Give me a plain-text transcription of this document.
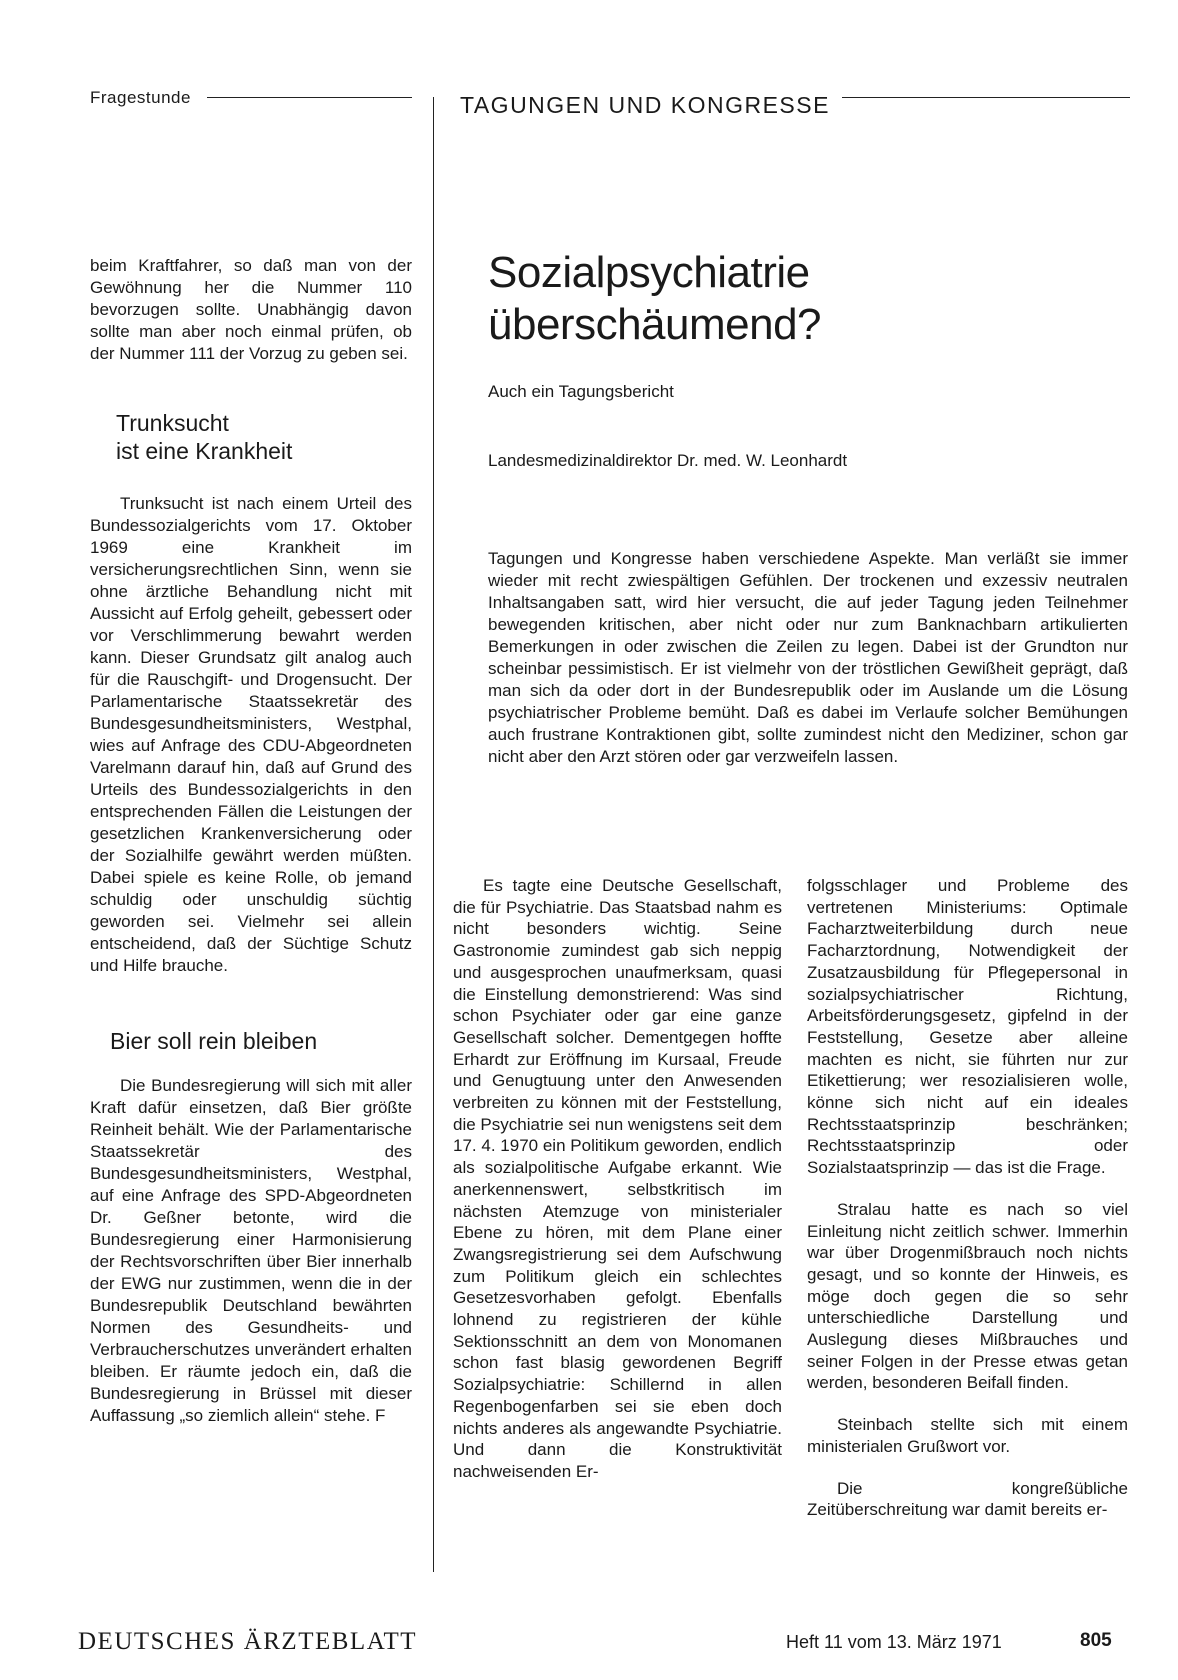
Fragestunde	TAGUNGEN UND KONGRESSE

beim Kraftfahrer, so daß man von der Gewöhnung her die Nummer 110 bevorzugen sollte. Unabhängig davon sollte man aber noch einmal prüfen, ob der Nummer 111 der Vorzug zu geben sei.

Trunksucht

ist eine Krankheit

Trunksucht ist nach einem Urteil des Bundessozialgerichts vom 17. Oktober 1969 eine Krankheit im versicherungsrechtlichen Sinn, wenn sie ohne ärztliche Behandlung nicht mit Aussicht auf Erfolg geheilt, gebessert oder vor Verschlimmerung bewahrt werden kann. Dieser Grundsatz gilt analog auch für die Rauschgift- und Drogensucht. Der Parlamentarische Staatssekretär des Bundesgesundheitsministers, Westphal, wies auf Anfrage des CDU-Abgeordneten Varelmann darauf hin, daß auf Grund des Urteils des Bundessozialgerichts in den entsprechenden Fällen die Leistungen der gesetzlichen Krankenversicherung oder der Sozialhilfe gewährt werden müßten. Dabei spiele es keine Rolle, ob jemand schuldig oder unschuldig süchtig geworden sei. Vielmehr sei allein entscheidend, daß der Süchtige Schutz und Hilfe brauche.

Bier soll rein bleiben

Die Bundesregierung will sich mit aller Kraft dafür einsetzen, daß Bier größte Reinheit behält. Wie der Parlamentarische Staatssekretär des Bundesgesundheitsministers, Westphal, auf eine Anfrage des SPD-Abgeordneten Dr. Geßner betonte, wird die Bundesregierung einer Harmonisierung der Rechtsvorschriften über Bier innerhalb der EWG nur zustimmen, wenn die in der Bundesrepublik Deutschland bewährten Normen des Gesundheits- und Verbraucherschutzes unverändert erhalten bleiben. Er räumte jedoch ein, daß die Bundesregierung in Brüssel mit dieser Auffassung „so ziemlich allein“ stehe. F

Sozialpsychiatrie
überschäumend?
Auch ein Tagungsbericht
Landesmedizinaldirektor Dr. med. W. Leonhardt

Tagungen und Kongresse haben verschiedene Aspekte. Man verläßt sie immer wieder mit recht zwiespältigen Gefühlen. Der trockenen und exzessiv neutralen Inhaltsangaben satt, wird hier versucht, die auf jeder Tagung jeden Teilnehmer bewegenden kritischen, aber nicht oder nur zum Banknachbarn artikulierten Bemerkungen in oder zwischen die Zeilen zu legen. Dabei ist der Grundton nur scheinbar pessimistisch. Er ist vielmehr von der tröstlichen Gewißheit geprägt, daß man sich da oder dort in der Bundesrepublik oder im Auslande um die Lösung psychiatrischer Probleme bemüht. Daß es dabei im Verlaufe solcher Bemühungen auch frustrane Kontraktionen gibt, sollte zumindest nicht den Mediziner, schon gar nicht aber den Arzt stören oder gar verzweifeln lassen.

Es tagte eine Deutsche Gesellschaft, die für Psychiatrie. Das Staatsbad nahm es nicht besonders wichtig. Seine Gastronomie zumindest gab sich neppig und ausgesprochen unaufmerksam, quasi die Einstellung demonstrierend: Was sind schon Psychiater oder gar eine ganze Gesellschaft solcher. Dementgegen hoffte Erhardt zur Eröffnung im Kursaal, Freude und Genugtuung unter den Anwesenden verbreiten zu können mit der Feststellung, die Psychiatrie sei nun wenigstens seit dem 17. 4. 1970 ein Politikum geworden, endlich als sozialpolitische Aufgabe erkannt. Wie anerkennenswert, selbstkritisch im nächsten Atemzuge von ministerialer Ebene zu hören, mit dem Plane einer Zwangsregistrierung sei dem Aufschwung zum Politikum gleich ein schlechtes Gesetzesvorhaben gefolgt. Ebenfalls lohnend zu registrieren der kühle Sektionsschnitt an dem von Monomanen schon fast blasig gewordenen Begriff Sozialpsychiatrie: Schillernd in allen Regenbogenfarben sei sie eben doch nichts anderes als angewandte Psychiatrie. Und dann die Konstruktivität nachweisenden Er-

folgsschlager und Probleme des vertretenen Ministeriums: Optimale Facharztweiterbildung durch neue Facharztordnung, Notwendigkeit der Zusatzausbildung für Pflegepersonal in sozialpsychiatrischer Richtung, Arbeitsförderungsgesetz, gipfelnd in der Feststellung, Gesetze aber alleine machten es nicht, sie führten nur zur Etikettierung; wer resozialisieren wolle, könne sich nicht auf ein ideales Rechtsstaatsprinzip beschränken; Rechtsstaatsprinzip oder Sozialstaatsprinzip — das ist die Frage.

Stralau hatte es nach so viel Einleitung nicht zeitlich schwer. Immerhin war über Drogenmißbrauch noch nichts gesagt, und so konnte der Hinweis, es möge doch gegen die so sehr unterschiedliche Darstellung und Auslegung dieses Mißbrauches und seiner Folgen in der Presse etwas getan werden, besonderen Beifall finden.

Steinbach stellte sich mit einem ministerialen Grußwort vor.

Die kongreßübliche Zeitüberschreitung war damit bereits er-

DEUTSCHES ÄRZTEBLATT	Heft 11 vom 13. März 1971	805
